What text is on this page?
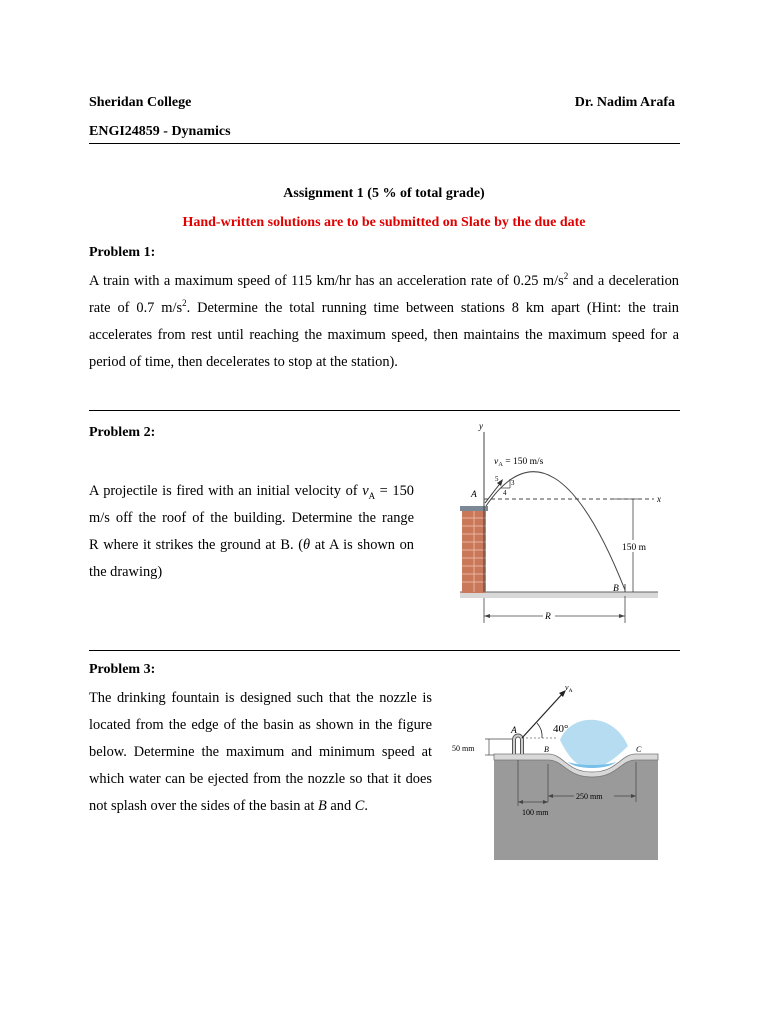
Sheridan College	Dr. Nadim Arafa
ENGI24859 - Dynamics
Assignment 1 (5 % of total grade)
Hand-written solutions are to be submitted on Slate by the due date
Problem 1:
A train with a maximum speed of 115 km/hr has an acceleration rate of 0.25 $m/s^2$ and a deceleration
rate of 0.7 $m/s^2$. Determine the total running time between stations 8 km apart (Hint: the train
accelerates from rest until reaching the maximum speed, then maintains the maximum speed for a
period of time, then decelerates to stop at the station).
Problem 2:
A projectile is fired with an initial velocity of $v_A = 150$
m/s off the roof of the building. Determine the range
R where it strikes the ground at B. (θ at A is shown on
the drawing)
y
x
$v_A = 150$ m/s
5 3
4
A
B
150 m
R
Problem 3:
The drinking fountain is designed such that the nozzle is
located from the edge of the basin as shown in the figure
below. Determine the maximum and minimum speed at
which water can be ejected from the nozzle so that it does
not splash over the sides of the basin at B and C.
A
$v_A$
40°
B	C
50 mm
250 mm
100 mm
